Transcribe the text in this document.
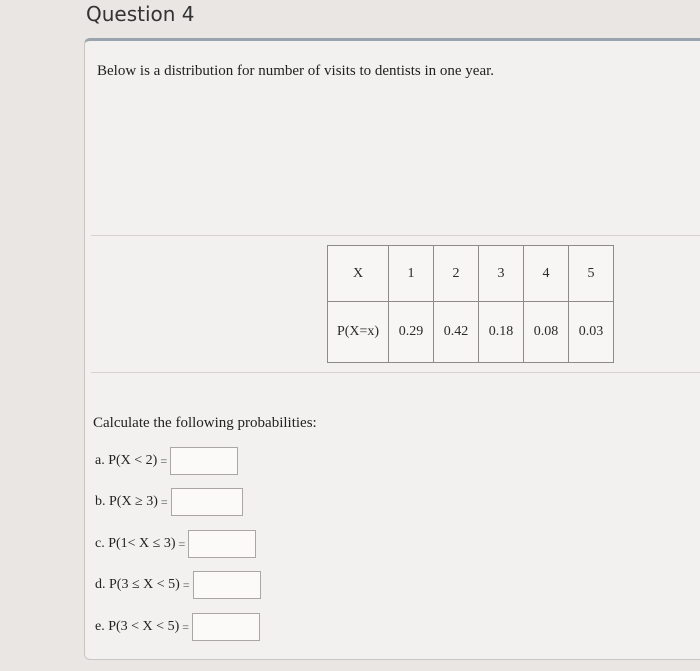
Question 4
Below is a distribution for number of visits to dentists in one year.
X	1	2	3	4	5
P(X=x)	0.29	0.42	0.18	0.08	0.03
Calculate the following probabilities:
a. P(X < 2) =
b. P(X ≥ 3) =
c. P(1< X ≤ 3) =
d. P(3 ≤ X < 5) =
e. P(3 < X < 5) =
